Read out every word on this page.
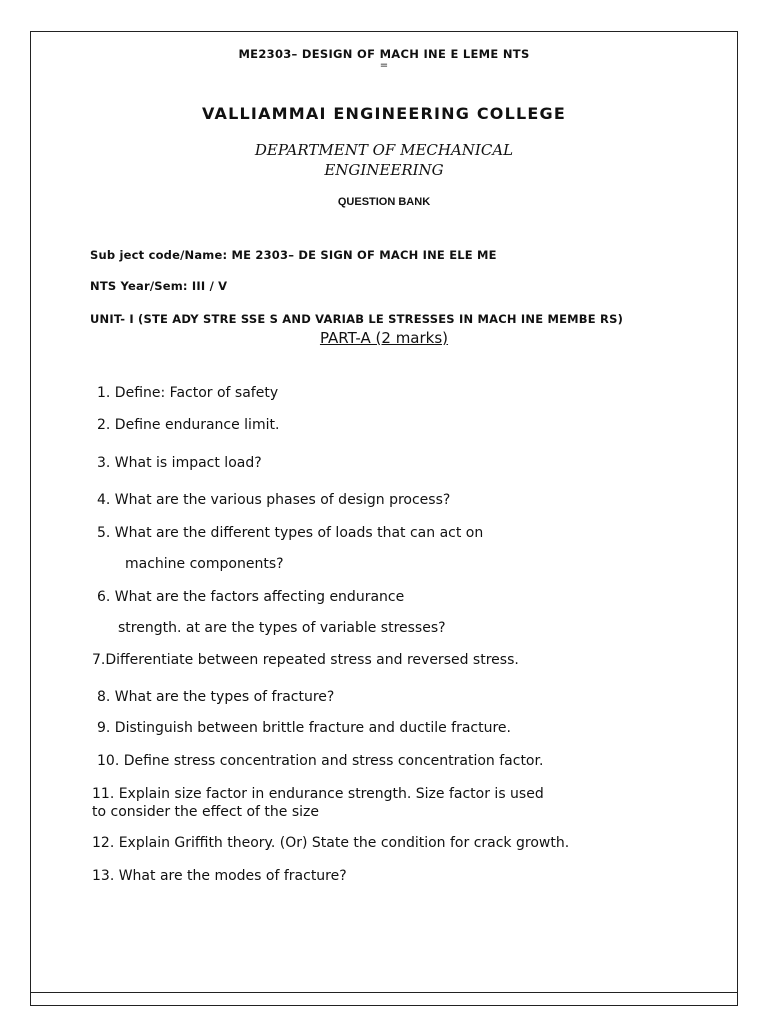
ME2303– DESIGN OF MACH INE E LEME NTS
=
VALLIAMMAI ENGINEERING COLLEGE
DEPARTMENT OF MECHANICAL
ENGINEERING
QUESTION BANK
Sub ject code/Name: ME 2303– DE SIGN OF MACH INE ELE ME
NTS Year/Sem: III / V
UNIT- I (STE ADY STRE SSE S AND VARIAB LE STRESSES IN MACH INE MEMBE RS)
PART-A (2 marks)
1. Define: Factor of safety
2. Define endurance limit.
3. What is impact load?
4. What are the various phases of design process?
5. What are the different types of loads that can act on
machine components?
6. What are the factors affecting endurance
strength. at are the types of variable stresses?
7.Differentiate between repeated stress and reversed stress.
8. What are the types of fracture?
9. Distinguish between brittle fracture and ductile fracture.
10. Define stress concentration and stress concentration factor.
11. Explain size factor in endurance strength. Size factor is used
to consider the effect of the size
12. Explain Griffith theory. (Or) State the condition for crack growth.
13. What are the modes of fracture?
